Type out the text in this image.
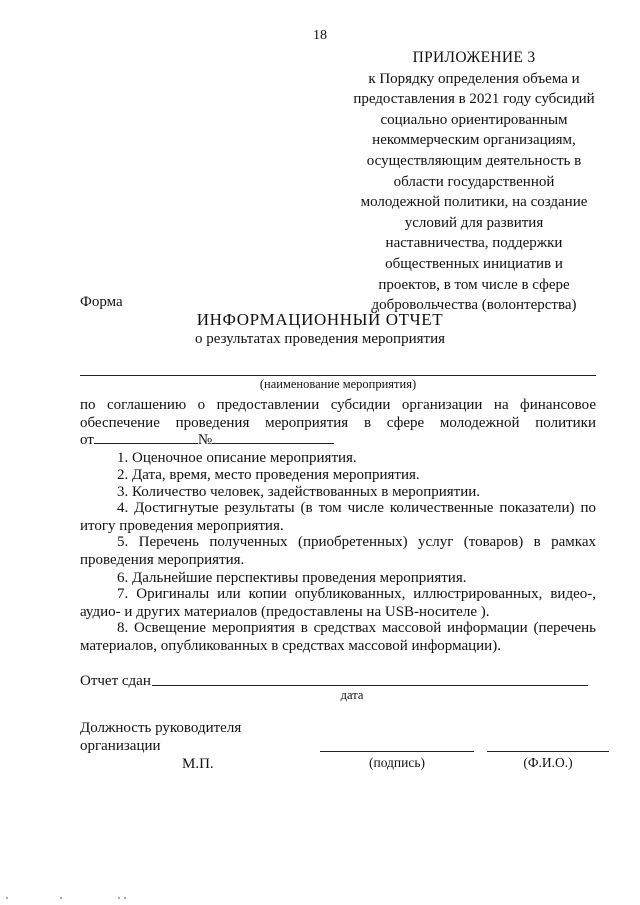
18
ПРИЛОЖЕНИЕ 3
к Порядку определения объема и
предоставления в 2021 году субсидий
социально ориентированным
некоммерческим организациям,
осуществляющим деятельность в
области государственной
молодежной политики, на создание
условий для развития
наставничества, поддержки
общественных инициатив и
проектов, в том числе в сфере
добровольчества (волонтерства)
Форма
ИНФОРМАЦИОННЫЙ ОТЧЕТ
о результатах проведения мероприятия
(наименование мероприятия)
по соглашению о предоставлении субсидии организации на финансовое
обеспечение проведения мероприятия в сфере молодежной политики
от	№
1. Оценочное описание мероприятия.
2. Дата, время, место проведения мероприятия.
3. Количество человек, задействованных в мероприятии.
4. Достигнутые результаты (в том числе количественные показатели) по итогу проведения мероприятия.
5. Перечень полученных (приобретенных) услуг (товаров) в рамках проведения мероприятия.
6. Дальнейшие перспективы проведения мероприятия.
7. Оригиналы или копии опубликованных, иллюстрированных, видео-, аудио- и других материалов (предоставлены на USB-носителе ).
8. Освещение мероприятия в средствах массовой информации (перечень материалов, опубликованных в средствах массовой информации).
Отчет сдан
дата
Должность руководителя
организации
М.П.	(подпись)	(Ф.И.О.)
